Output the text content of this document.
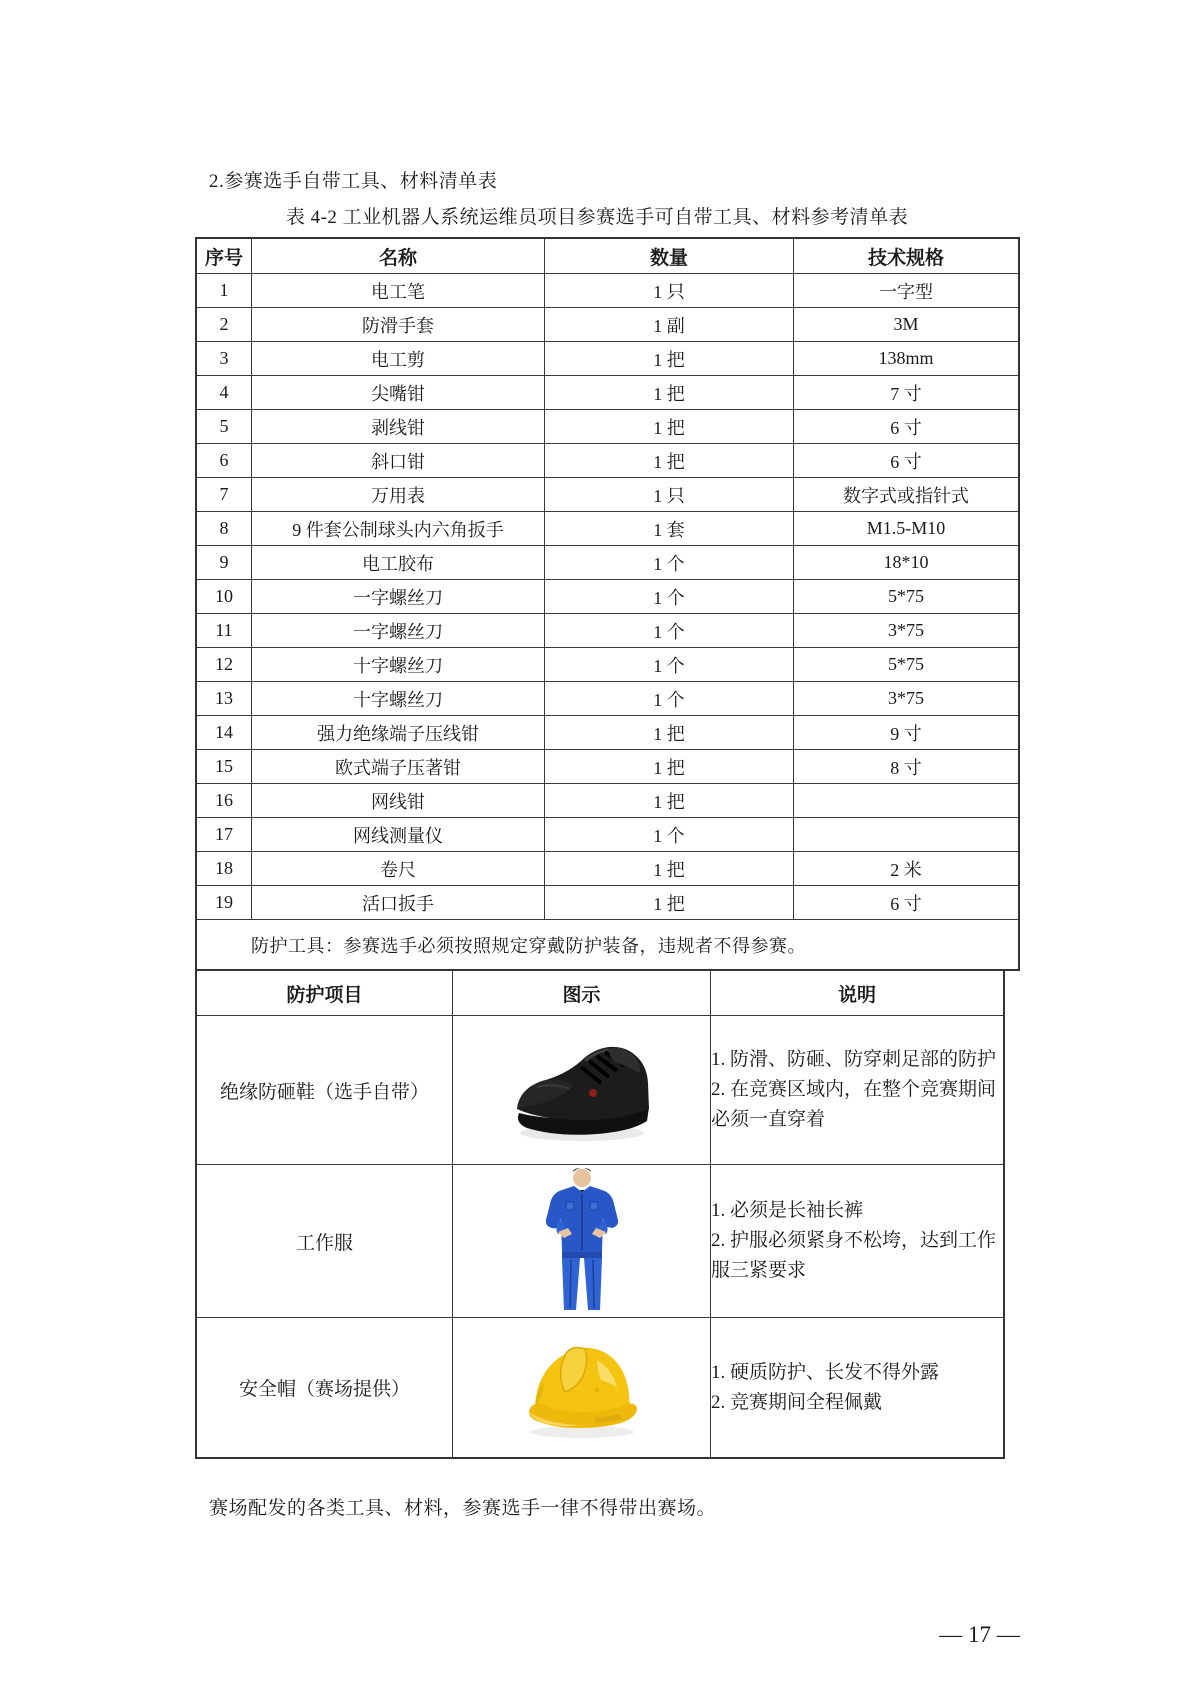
2.参赛选手自带工具、材料清单表
表 4-2 工业机器人系统运维员项目参赛选手可自带工具、材料参考清单表
序号	名称	数量	技术规格
1	电工笔	1 只	一字型
2	防滑手套	1 副	3M
3	电工剪	1 把	138mm
4	尖嘴钳	1 把	7 寸
5	剥线钳	1 把	6 寸
6	斜口钳	1 把	6 寸
7	万用表	1 只	数字式或指针式
8	9 件套公制球头内六角扳手	1 套	M1.5-M10
9	电工胶布	1 个	18*10
10	一字螺丝刀	1 个	5*75
11	一字螺丝刀	1 个	3*75
12	十字螺丝刀	1 个	5*75
13	十字螺丝刀	1 个	3*75
14	强力绝缘端子压线钳	1 把	9 寸
15	欧式端子压著钳	1 把	8 寸
16	网线钳	1 把	
17	网线测量仪	1 个	
18	卷尺	1 把	2 米
19	活口扳手	1 把	6 寸
防护工具：参赛选手必须按照规定穿戴防护装备，违规者不得参赛。			
防护项目	图示	说明
绝缘防砸鞋（选手自带）		1. 防滑、防砸、防穿刺足部的防护
2. 在竞赛区域内，在整个竞赛期间必须一直穿着

工作服		1. 必须是长袖长裤
2. 护服必须紧身不松垮，达到工作服三紧要求

安全帽（赛场提供）		1. 硬质防护、长发不得外露
2. 竞赛期间全程佩戴
赛场配发的各类工具、材料，参赛选手一律不得带出赛场。
— 17 —
